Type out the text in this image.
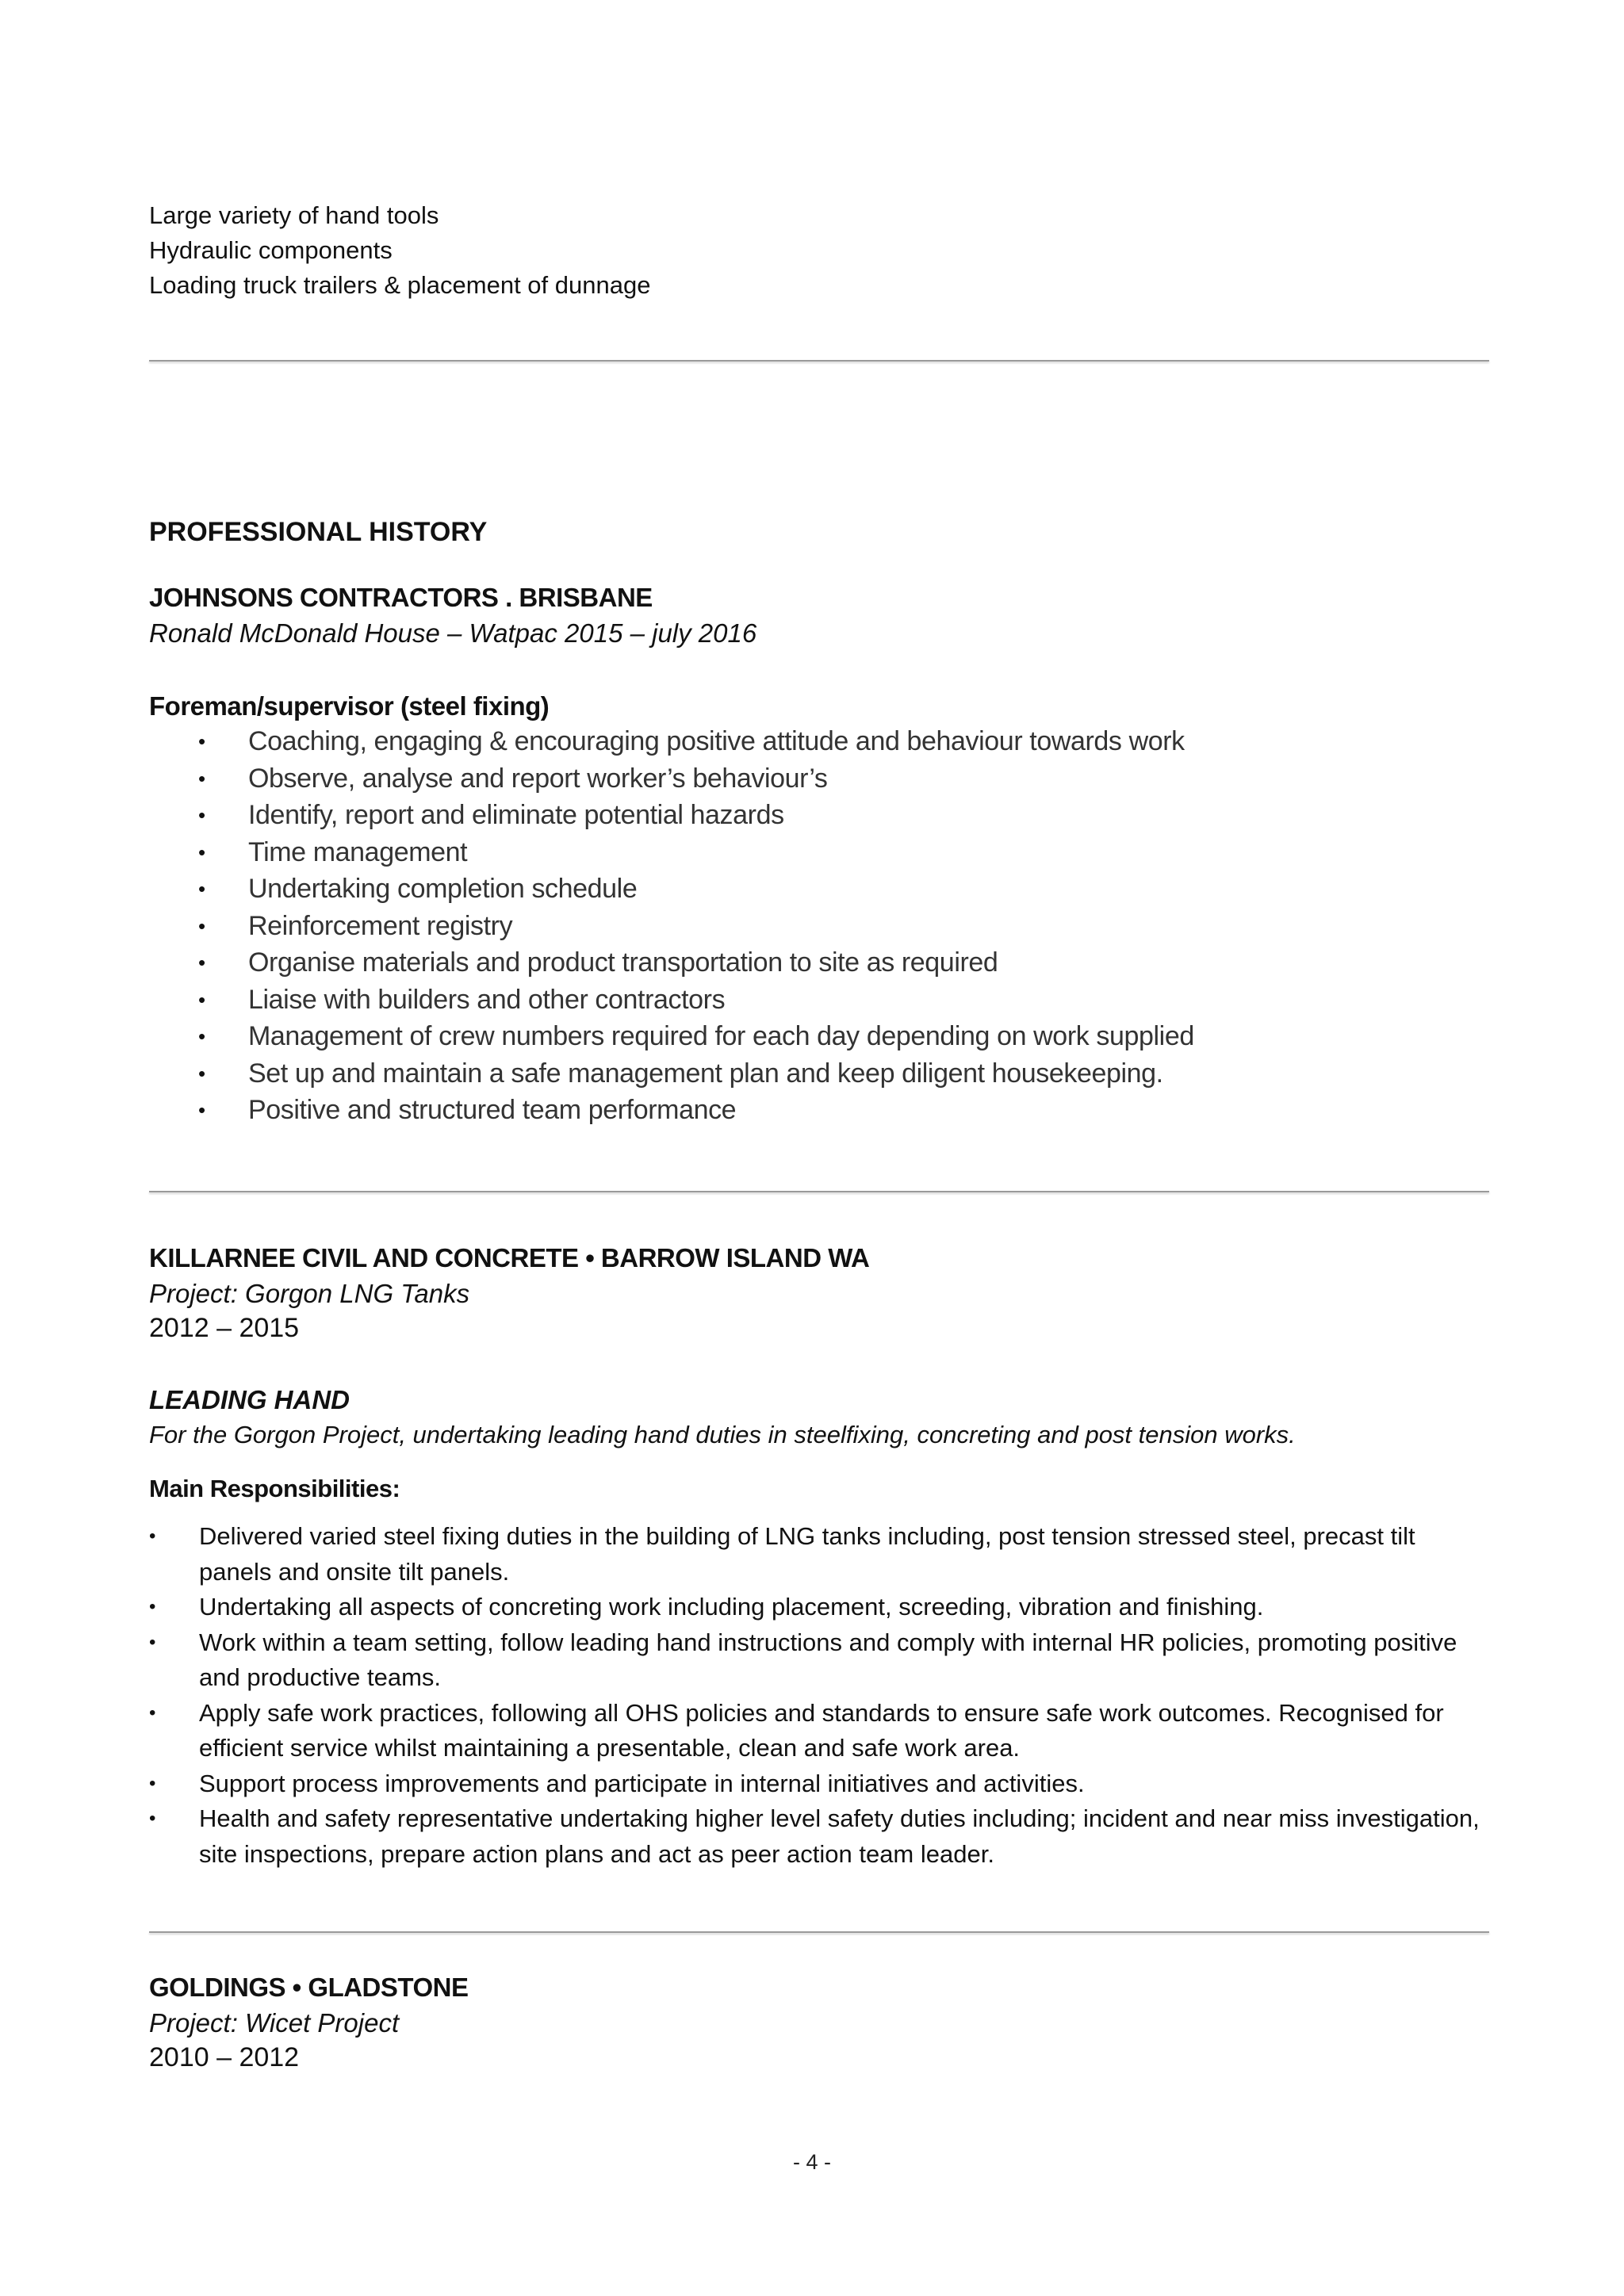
Large variety of hand tools
Hydraulic components
Loading truck trailers & placement of dunnage
PROFESSIONAL HISTORY
JOHNSONS CONTRACTORS . BRISBANE
Ronald McDonald House – Watpac 2015 – july 2016
Foreman/supervisor (steel fixing)
• Coaching, engaging & encouraging positive attitude and behaviour towards work
• Observe, analyse and report worker’s behaviour’s
• Identify, report and eliminate potential hazards
• Time management
• Undertaking completion schedule
• Reinforcement registry
• Organise materials and product transportation to site as required
• Liaise with builders and other contractors
• Management of crew numbers required for each day depending on work supplied
• Set up and maintain a safe management plan and keep diligent housekeeping.
• Positive and structured team performance
KILLARNEE CIVIL AND CONCRETE • BARROW ISLAND WA
Project: Gorgon LNG Tanks
2012 – 2015
LEADING HAND
For the Gorgon Project, undertaking leading hand duties in steelfixing, concreting and post tension works.
Main Responsibilities:
• Delivered varied steel fixing duties in the building of LNG tanks including, post tension stressed steel, precast tilt panels and onsite tilt panels.
• Undertaking all aspects of concreting work including placement, screeding, vibration and finishing.
• Work within a team setting, follow leading hand instructions and comply with internal HR policies, promoting positive and productive teams.
• Apply safe work practices, following all OHS policies and standards to ensure safe work outcomes. Recognised for efficient service whilst maintaining a presentable, clean and safe work area.
• Support process improvements and participate in internal initiatives and activities.
• Health and safety representative undertaking higher level safety duties including; incident and near miss investigation, site inspections, prepare action plans and act as peer action team leader.
GOLDINGS • GLADSTONE
Project: Wicet Project
2010 – 2012
- 4 -
